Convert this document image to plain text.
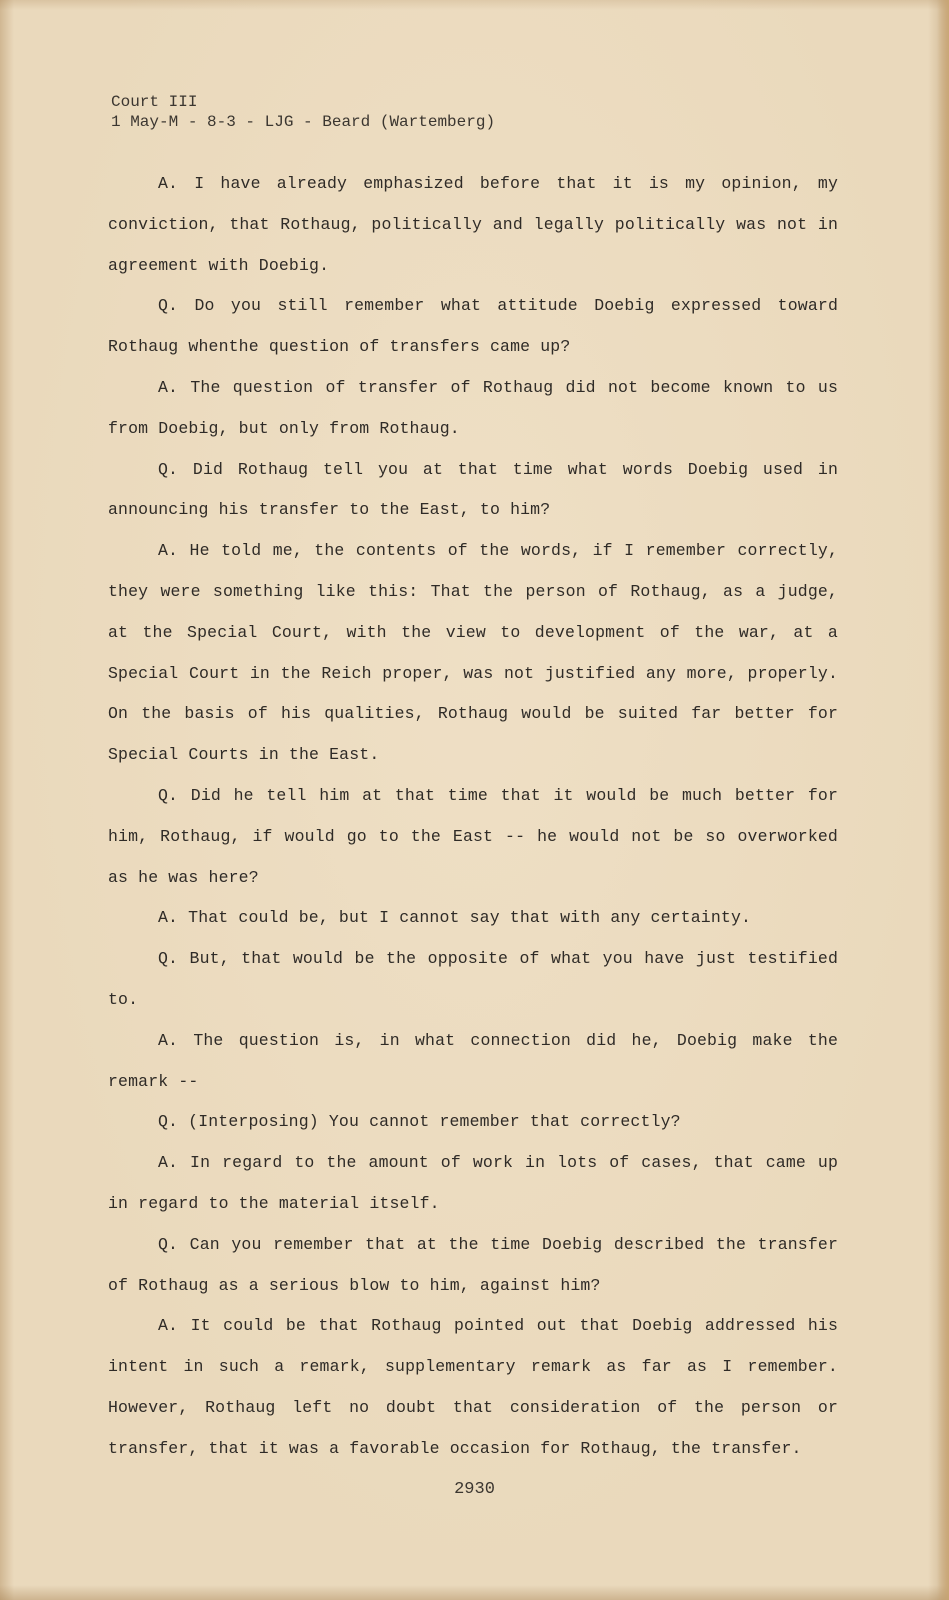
Court III
1 May-M - 8-3 - LJG - Beard (Wartemberg)

A. I have already emphasized before that it is my opinion, my conviction, that Rothaug, politically and legally politically was not in agreement with Doebig.

Q. Do you still remember what attitude Doebig expressed toward Rothaug whenthe question of transfers came up?

A. The question of transfer of Rothaug did not become known to us from Doebig, but only from Rothaug.

Q. Did Rothaug tell you at that time what words Doebig used in announcing his transfer to the East, to him?

A. He told me, the contents of the words, if I remember correctly, they were something like this: That the person of Rothaug, as a judge, at the Special Court, with the view to development of the war, at a Special Court in the Reich proper, was not justified any more, properly. On the basis of his qualities, Rothaug would be suited far better for Special Courts in the East.

Q. Did he tell him at that time that it would be much better for him, Rothaug, if would go to the East -- he would not be so overworked as he was here?

A. That could be, but I cannot say that with any certainty.

Q. But, that would be the opposite of what you have just testified to.

A. The question is, in what connection did he, Doebig make the remark --

Q. (Interposing) You cannot remember that correctly?

A. In regard to the amount of work in lots of cases, that came up in regard to the material itself.

Q. Can you remember that at the time Doebig described the transfer of Rothaug as a serious blow to him, against him?

A. It could be that Rothaug pointed out that Doebig addressed his intent in such a remark, supplementary remark as far as I remember. However, Rothaug left no doubt that consideration of the person or transfer, that it was a favorable occasion for Rothaug, the transfer.

2930
